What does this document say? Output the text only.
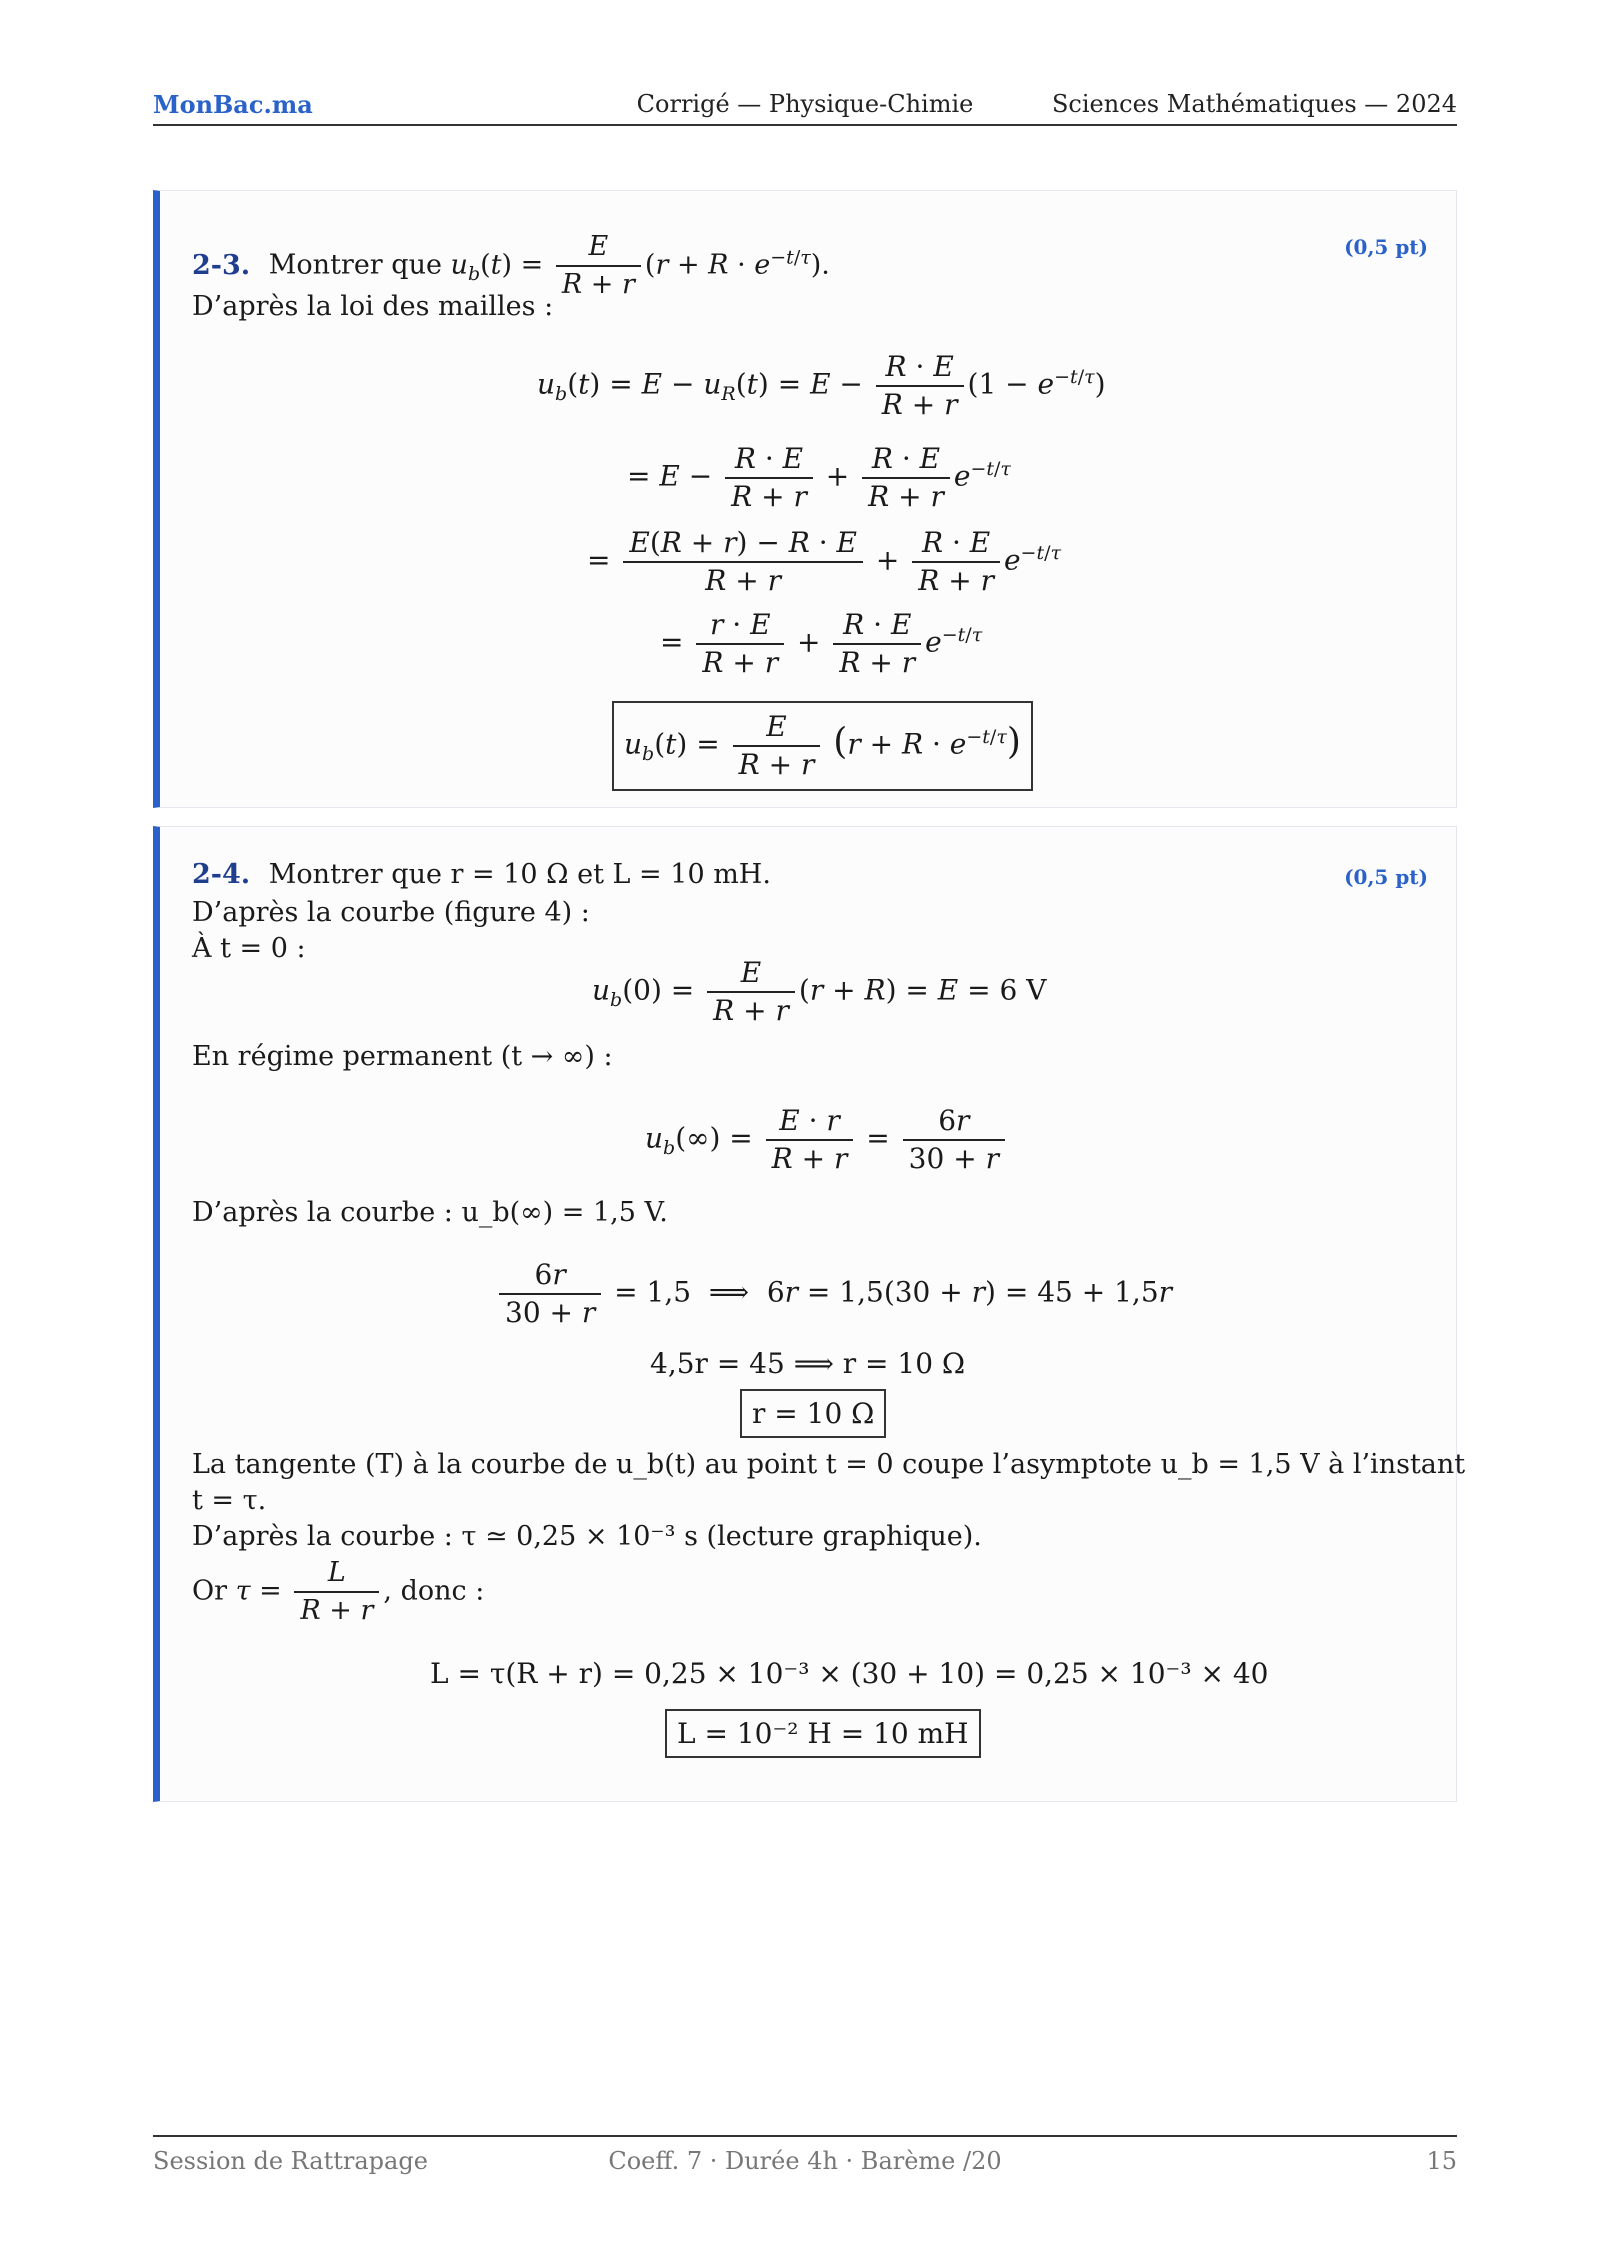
MonBac.ma	Corrigé — Physique-Chimie	Sciences Mathématiques — 2024
2-3. Montrer que $u_b(t) = \frac{E}{R + r} (r + R \cdot e^{-t/\tau})$.
(0,5 pt)
D’après la loi des mailles :
$u_b(t) = E - u_R(t) = E - \frac{R \cdot E}{R + r} (1 - e^{-t/\tau})$
= $E - \frac{R \cdot E}{R + r} + \frac{R \cdot E}{R + r} e^{-t/\tau}$
= $\frac{E(R + r) - R \cdot E}{R + r} + \frac{R \cdot E}{R + r} e^{-t/\tau}$
= $\frac{r \cdot E}{R + r} + \frac{R \cdot E}{R + r} e^{-t/\tau}$
$u_b(t) = \frac{E}{R + r} (r + R \cdot e^{-t/\tau})$
2-4. Montrer que r = 10 Ω et L = 10 mH.	(0,5 pt)
D’après la courbe (figure 4) :
À t = 0 :
$u_b(0) = \frac{E}{R + r} (r + R) = E = 6$ V
En régime permanent (t → ∞) :
$u_b(\infty) = \frac{E \cdot r}{R + r} = \frac{6r}{30 + r}$
D’après la courbe : u_b(∞) = 1,5 V.
$\frac{6r}{30 + r} = 1,5$  ⟹  6r = 1,5(30 + r) = 45 + 1,5r
4,5r = 45 ⟹ r = 10 Ω
r = 10 Ω
La tangente (T) à la courbe de u_b(t) au point t = 0 coupe l’asymptote u_b = 1,5 V à l’instant
t = τ.
D’après la courbe : τ ≃ 0,25 × 10⁻³ s (lecture graphique).
Or $\tau = \frac{L}{R + r}$ , donc :
L = τ(R + r) = 0,25 × 10⁻³ × (30 + 10) = 0,25 × 10⁻³ × 40
L = 10⁻² H = 10 mH
Session de Rattrapage	Coeff. 7 · Durée 4h · Barème /20	15
